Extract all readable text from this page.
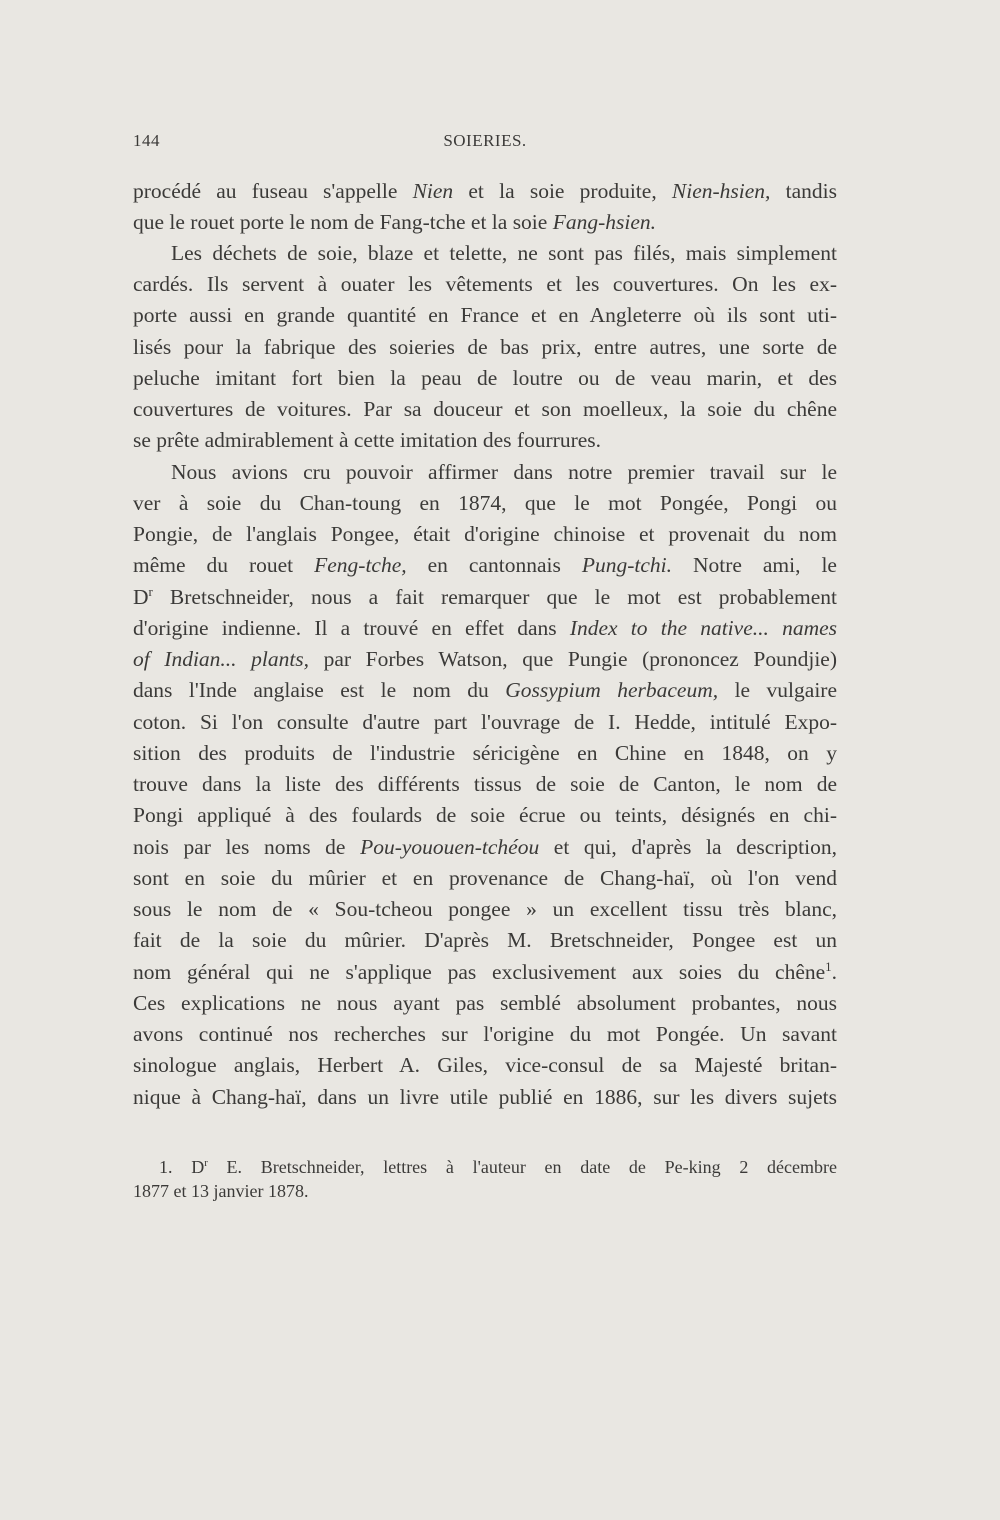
144	SOIERIES.
procédé au fuseau s'appelle Nien et la soie produite, Nien-hsien, tandis
que le rouet porte le nom de Fang-tche et la soie Fang-hsien.
Les déchets de soie, blaze et telette, ne sont pas filés, mais simplement
cardés. Ils servent à ouater les vêtements et les couvertures. On les ex-
porte aussi en grande quantité en France et en Angleterre où ils sont uti-
lisés pour la fabrique des soieries de bas prix, entre autres, une sorte de
peluche imitant fort bien la peau de loutre ou de veau marin, et des
couvertures de voitures. Par sa douceur et son moelleux, la soie du chêne
se prête admirablement à cette imitation des fourrures.
Nous avions cru pouvoir affirmer dans notre premier travail sur le
ver à soie du Chan-toung en 1874, que le mot Pongée, Pongi ou
Pongie, de l'anglais Pongee, était d'origine chinoise et provenait du nom
même du rouet Feng-tche, en cantonnais Pung-tchi. Notre ami, le
$D^r$ Bretschneider, nous a fait remarquer que le mot est probablement
d'origine indienne. Il a trouvé en effet dans Index to the native... names
of Indian... plants, par Forbes Watson, que Pungie (prononcez Poundjie)
dans l'Inde anglaise est le nom du Gossypium herbaceum, le vulgaire
coton. Si l'on consulte d'autre part l'ouvrage de I. Hedde, intitulé Expo-
sition des produits de l'industrie séricigène en Chine en 1848, on y
trouve dans la liste des différents tissus de soie de Canton, le nom de
Pongi appliqué à des foulards de soie écrue ou teints, désignés en chi-
nois par les noms de Pou-yououen-tchéou et qui, d'après la description,
sont en soie du mûrier et en provenance de Chang-haï, où l'on vend
sous le nom de « Sou-tcheou pongee » un excellent tissu très blanc,
fait de la soie du mûrier. D'après M. Bretschneider, Pongee est un
nom général qui ne s'applique pas exclusivement aux soies du chêne$^1$.
Ces explications ne nous ayant pas semblé absolument probantes, nous
avons continué nos recherches sur l'origine du mot Pongée. Un savant
sinologue anglais, Herbert A. Giles, vice-consul de sa Majesté britan-
nique à Chang-haï, dans un livre utile publié en 1886, sur les divers sujets
1. $D^r$ E. Bretschneider, lettres à l'auteur en date de Pe-king 2 décembre
1877 et 13 janvier 1878.
